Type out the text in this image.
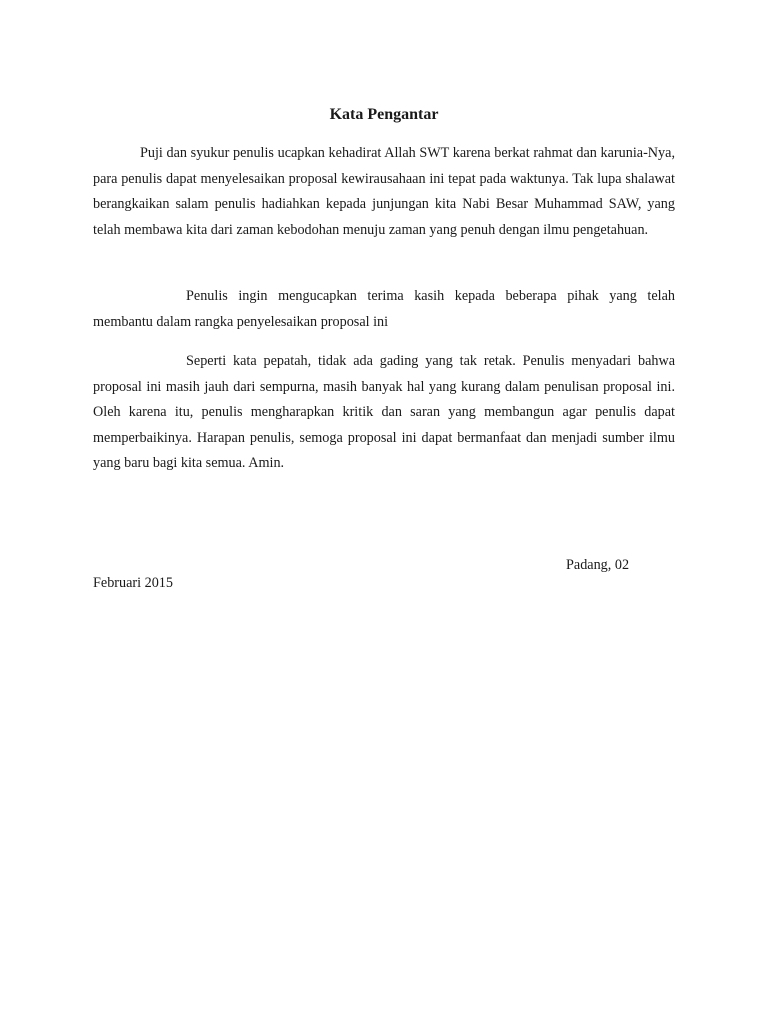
Kata Pengantar

Puji dan syukur penulis ucapkan kehadirat Allah SWT karena berkat rahmat dan karunia-Nya, para penulis dapat menyelesaikan proposal kewirausahaan ini tepat pada waktunya. Tak lupa shalawat berangkaikan salam penulis hadiahkan kepada junjungan kita Nabi Besar Muhammad SAW, yang telah membawa kita dari zaman kebodohan menuju zaman yang penuh dengan ilmu pengetahuan.

Penulis ingin mengucapkan terima kasih kepada beberapa pihak yang telah membantu dalam rangka penyelesaikan proposal ini

Seperti kata pepatah, tidak ada gading yang tak retak. Penulis menyadari bahwa proposal ini masih jauh dari sempurna, masih banyak hal yang kurang dalam penulisan proposal ini. Oleh karena itu, penulis mengharapkan kritik dan saran yang membangun agar penulis dapat memperbaikinya. Harapan penulis, semoga proposal ini dapat bermanfaat dan menjadi sumber ilmu yang baru bagi kita semua. Amin.

Padang, 02

Februari 2015
